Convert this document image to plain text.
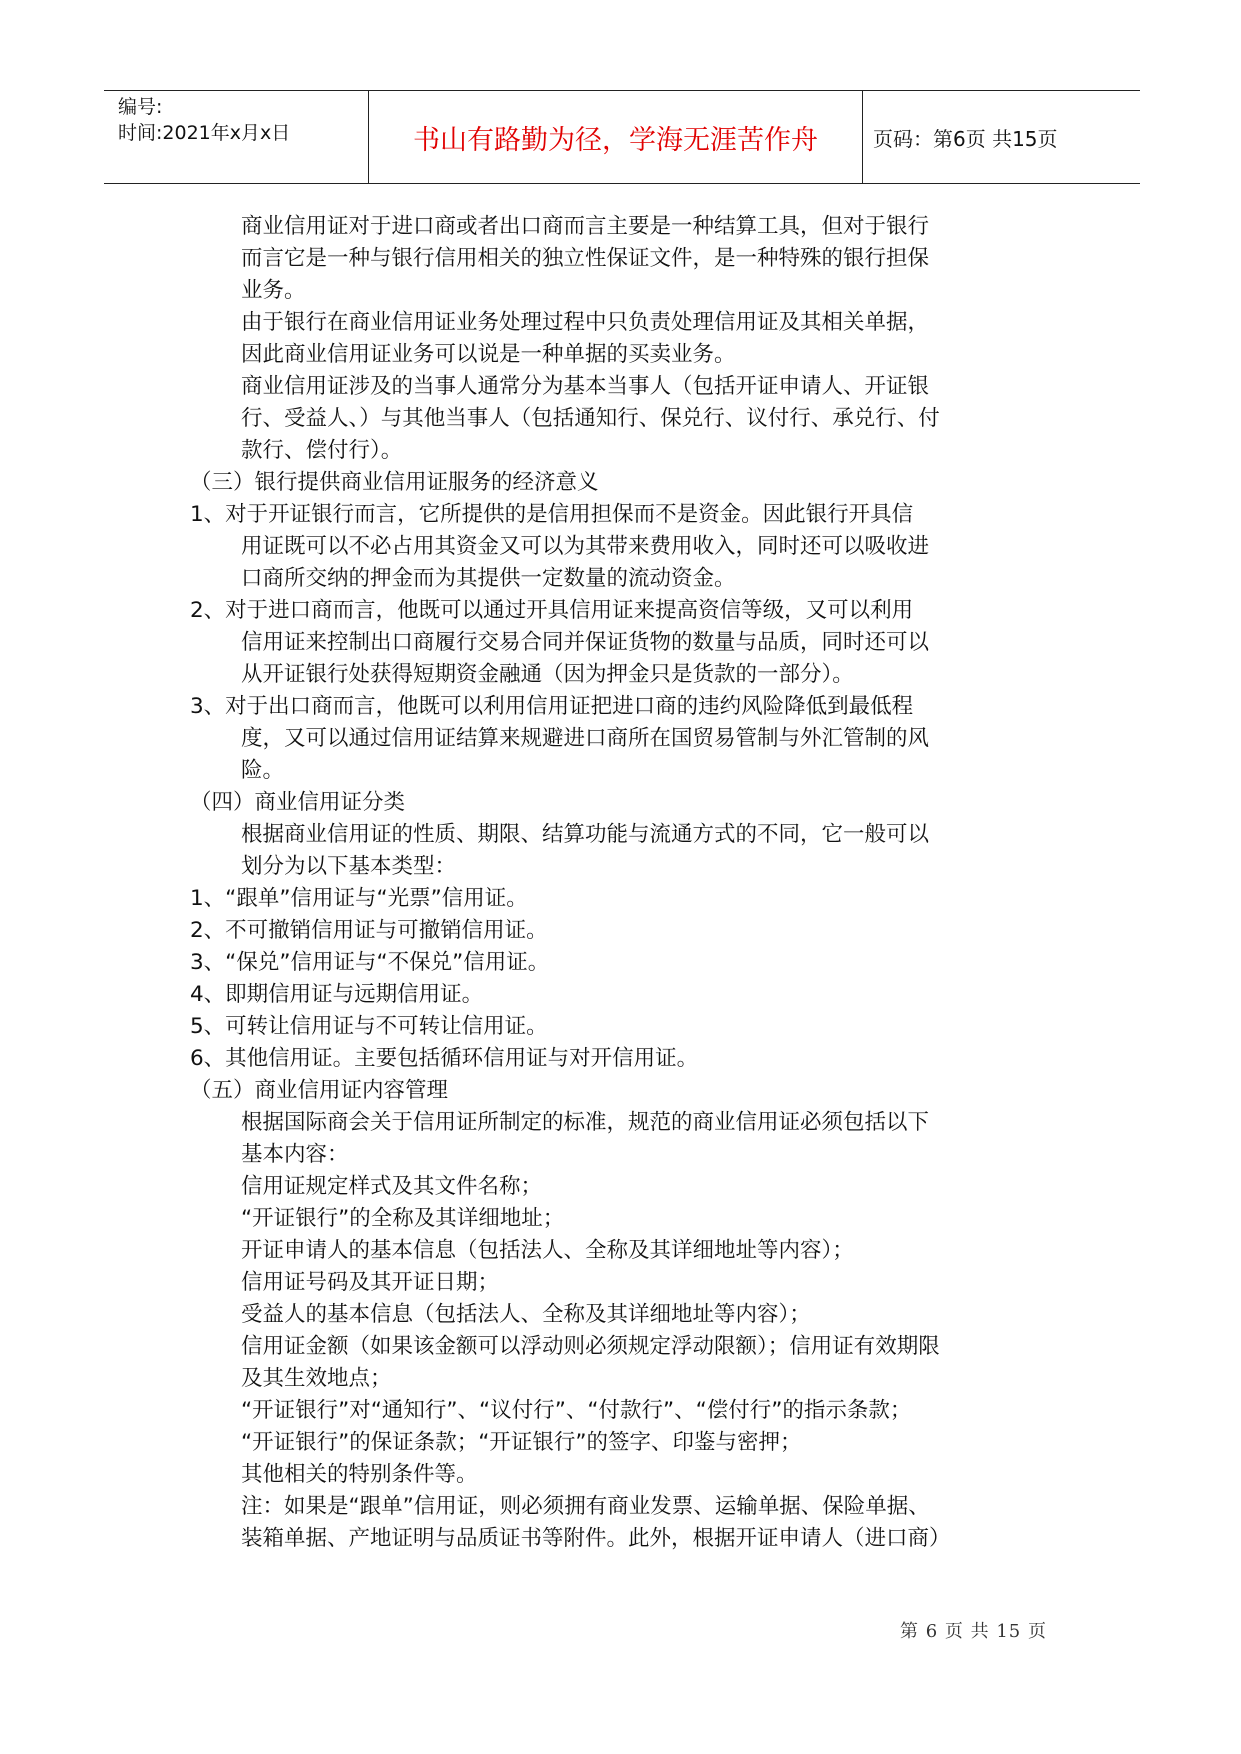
编号:
时间:2021年x月x日	书山有路勤为径，学海无涯苦作舟	页码：第6页 共15页
商业信用证对于进口商或者出口商而言主要是一种结算工具，但对于银行
而言它是一种与银行信用相关的独立性保证文件，是一种特殊的银行担保
业务。
由于银行在商业信用证业务处理过程中只负责处理信用证及其相关单据，
因此商业信用证业务可以说是一种单据的买卖业务。
商业信用证涉及的当事人通常分为基本当事人（包括开证申请人、开证银
行、受益人、）与其他当事人（包括通知行、保兑行、议付行、承兑行、付
款行、偿付行）。
（三）银行提供商业信用证服务的经济意义
1、对于开证银行而言，它所提供的是信用担保而不是资金。因此银行开具信
用证既可以不必占用其资金又可以为其带来费用收入，同时还可以吸收进
口商所交纳的押金而为其提供一定数量的流动资金。
2、对于进口商而言，他既可以通过开具信用证来提高资信等级，又可以利用
信用证来控制出口商履行交易合同并保证货物的数量与品质，同时还可以
从开证银行处获得短期资金融通（因为押金只是货款的一部分）。
3、对于出口商而言，他既可以利用信用证把进口商的违约风险降低到最低程
度，又可以通过信用证结算来规避进口商所在国贸易管制与外汇管制的风
险。
（四）商业信用证分类
根据商业信用证的性质、期限、结算功能与流通方式的不同，它一般可以
划分为以下基本类型：
1、“跟单”信用证与“光票”信用证。
2、不可撤销信用证与可撤销信用证。
3、“保兑”信用证与“不保兑”信用证。
4、即期信用证与远期信用证。
5、可转让信用证与不可转让信用证。
6、其他信用证。主要包括循环信用证与对开信用证。
（五）商业信用证内容管理
根据国际商会关于信用证所制定的标准，规范的商业信用证必须包括以下
基本内容：
信用证规定样式及其文件名称；
“开证银行”的全称及其详细地址；
开证申请人的基本信息（包括法人、全称及其详细地址等内容）；
信用证号码及其开证日期；
受益人的基本信息（包括法人、全称及其详细地址等内容）；
信用证金额（如果该金额可以浮动则必须规定浮动限额）；信用证有效期限
及其生效地点；
“开证银行”对“通知行”、“议付行”、“付款行”、“偿付行”的指示条款；
“开证银行”的保证条款；“开证银行”的签字、印鉴与密押；
其他相关的特别条件等。
注：如果是“跟单”信用证，则必须拥有商业发票、运输单据、保险单据、
装箱单据、产地证明与品质证书等附件。此外，根据开证申请人（进口商）
第 6 页 共 15 页
